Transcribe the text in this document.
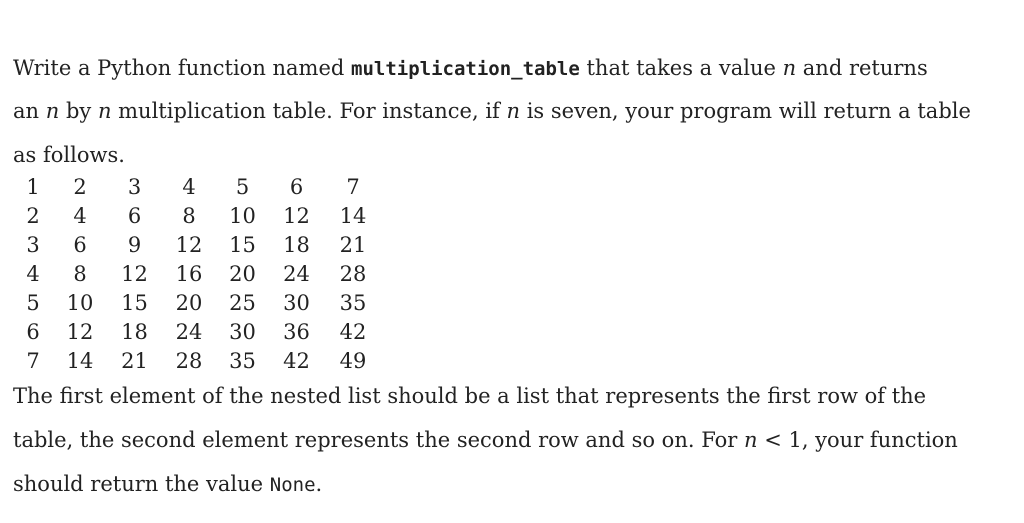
Write a Python function named multiplication_table that takes a value n and returns
an n by n multiplication table. For instance, if n is seven, your program will return a table
as follows.
1	2	3	4	5	6	7
2	4	6	8	10	12	14
3	6	9	12	15	18	21
4	8	12	16	20	24	28
5	10	15	20	25	30	35
6	12	18	24	30	36	42
7	14	21	28	35	42	49
The first element of the nested list should be a list that represents the first row of the
table, the second element represents the second row and so on. For n < 1, your function
should return the value None.
